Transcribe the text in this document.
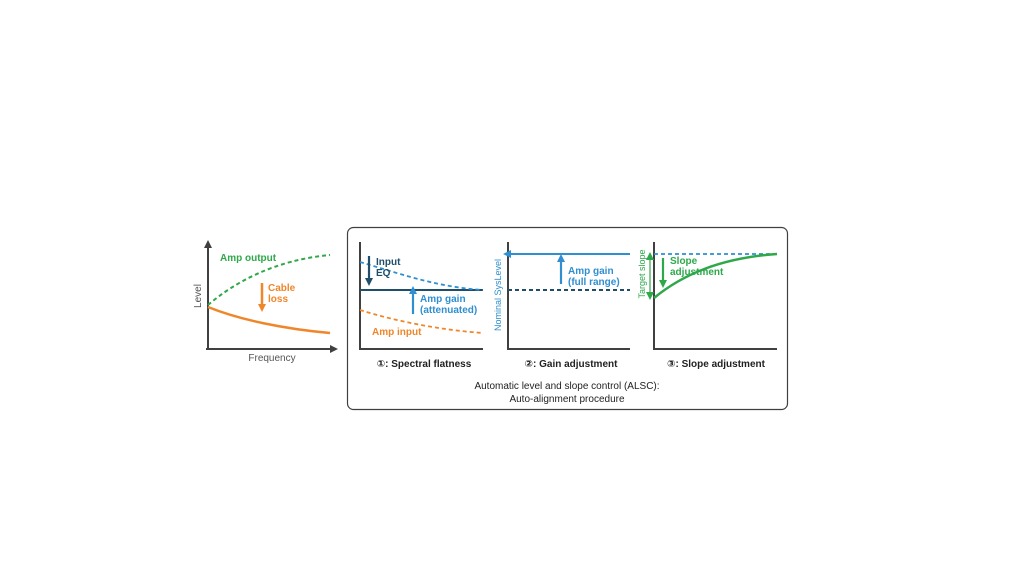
Level
Frequency
Amp output
Cable
loss
Input
EQ
Amp gain
(attenuated)
Amp input
①: Spectral flatness
Nominal SysLevel	Amp gain
(full range)
②: Gain adjustment
Target slope Slope
adjustment
③: Slope adjustment
Automatic level and slope control (ALSC):
Auto-alignment procedure
